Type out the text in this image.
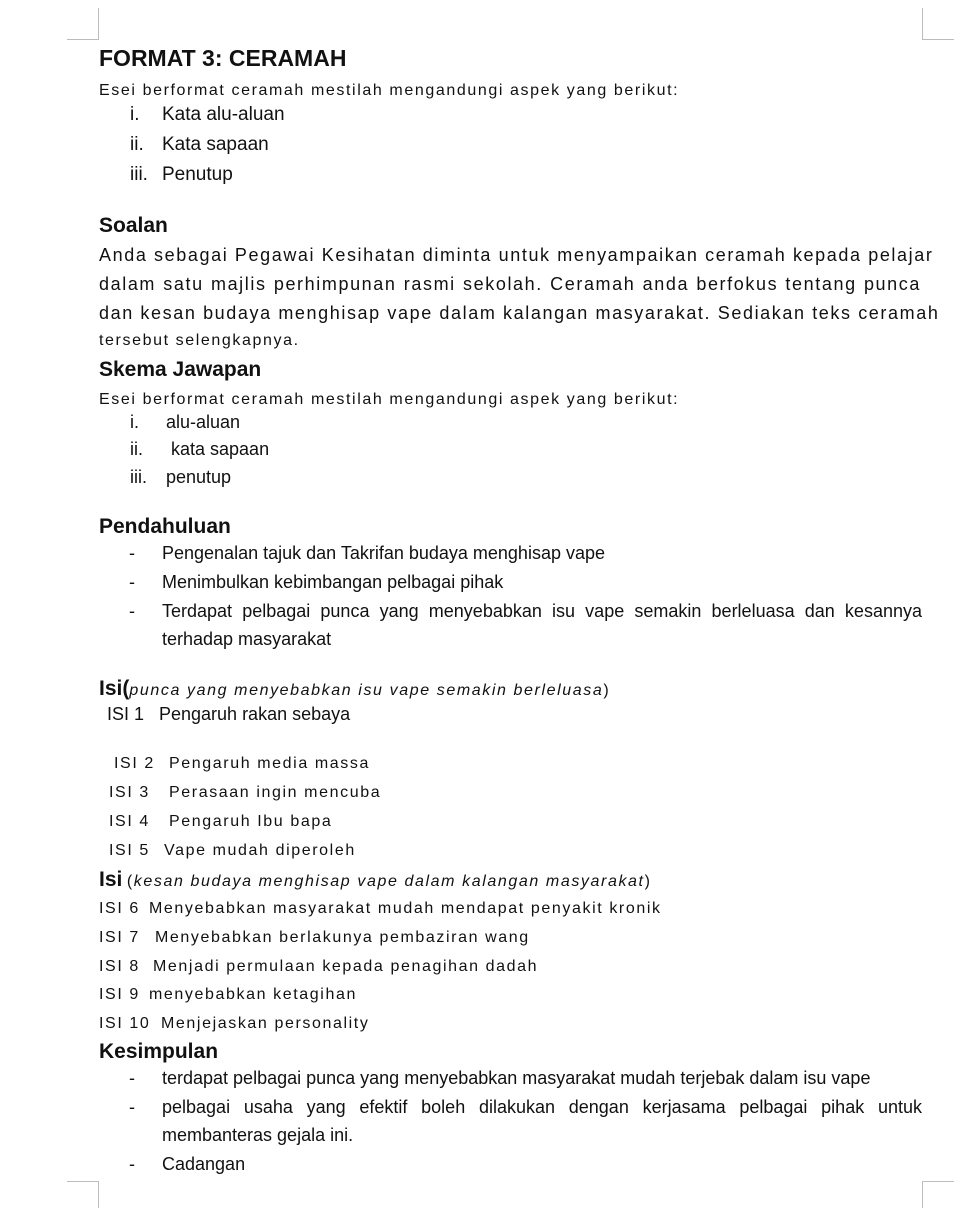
FORMAT 3: CERAMAH
Esei berformat ceramah mestilah mengandungi aspek yang berikut:
i. Kata alu-aluan
ii. Kata sapaan
iii. Penutup
Soalan
Anda sebagai Pegawai Kesihatan diminta untuk menyampaikan ceramah kepada pelajar
dalam satu majlis perhimpunan rasmi sekolah. Ceramah anda berfokus tentang punca
dan kesan budaya menghisap vape dalam kalangan masyarakat. Sediakan teks ceramah
tersebut selengkapnya.
Skema Jawapan
Esei berformat ceramah mestilah mengandungi aspek yang berikut:
i. alu-aluan
ii. kata sapaan
iii. penutup
Pendahuluan
- Pengenalan tajuk dan Takrifan budaya menghisap vape
- Menimbulkan kebimbangan pelbagai pihak
- Terdapat pelbagai punca yang menyebabkan isu vape semakin berleluasa dan kesannya
terhadap masyarakat
Isi(punca yang menyebabkan isu vape semakin berleluasa)
ISI 1 Pengaruh rakan sebaya
ISI 2 Pengaruh media massa
ISI 3 Perasaan ingin mencuba
ISI 4 Pengaruh Ibu bapa
ISI 5 Vape mudah diperoleh
Isi (kesan budaya menghisap vape dalam kalangan masyarakat)
ISI 6 Menyebabkan masyarakat mudah mendapat penyakit kronik
ISI 7 Menyebabkan berlakunya pembaziran wang
ISI 8 Menjadi permulaan kepada penagihan dadah
ISI 9 menyebabkan ketagihan
ISI 10 Menjejaskan personality
Kesimpulan
- terdapat pelbagai punca yang menyebabkan masyarakat mudah terjebak dalam isu vape
- pelbagai usaha yang efektif boleh dilakukan dengan kerjasama pelbagai pihak untuk
membanteras gejala ini.
- Cadangan
